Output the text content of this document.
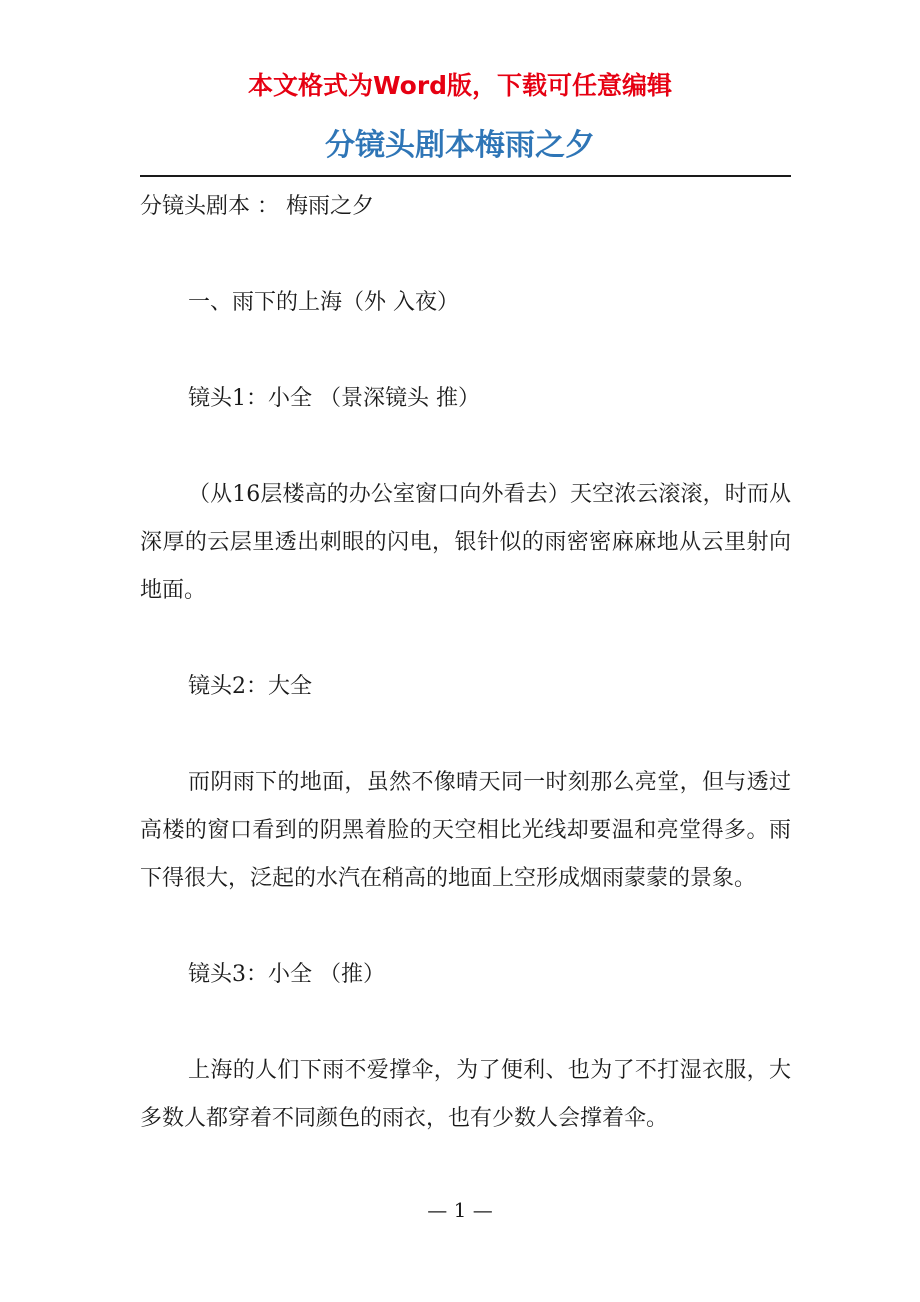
本文格式为Word版，下载可任意编辑
分镜头剧本梅雨之夕

分镜头剧本 ： 梅雨之夕

一、雨下的上海（外 入夜）

镜头1：小全 （景深镜头 推）

（从16层楼高的办公室窗口向外看去）天空浓云滚滚，时而从深厚的云层里透出刺眼的闪电，银针似的雨密密麻麻地从云里射向地面。

镜头2：大全

而阴雨下的地面，虽然不像晴天同一时刻那么亮堂，但与透过高楼的窗口看到的阴黑着脸的天空相比光线却要温和亮堂得多。雨下得很大，泛起的水汽在稍高的地面上空形成烟雨蒙蒙的景象。

镜头3：小全 （推）

上海的人们下雨不爱撑伞，为了便利、也为了不打湿衣服，大多数人都穿着不同颜色的雨衣，也有少数人会撑着伞。

— 1 —
